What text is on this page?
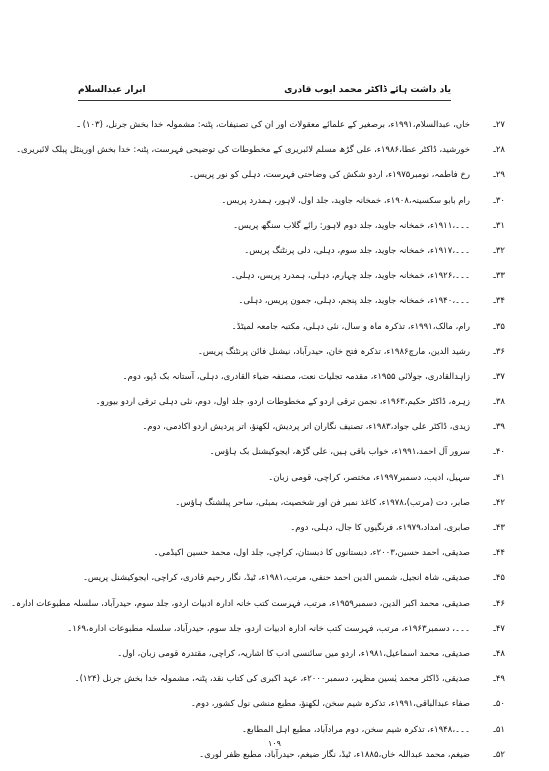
یاد داشت ہائے ڈاکٹر محمد ایوب قادری
ابرار عبدالسلام
۲۷ـ
خاں، عبدالسلام،۱۹۹۱ء، برصغیر کے علمائے معقولات اور ان کی تصنیفات، پٹنہ: مشمولہ خدا بخش جرنل، (۱۰۳) ـ
۲۸ـ
خورشید، ڈاکٹر عطا،۱۹۸۶ء، علی گڑھ مسلم لائبریری کے مخطوطات کی توضیحی فہرست، پٹنہ: خدا بخش اورینٹل پبلک لائبریری۔
۲۹ـ
رخ فاطمہ، نومبر۱۹۷۵ء، اردو شکش کی وضاحتی فہرست، دہلی کو نور پریس۔
۳۰ـ
رام بابو سکسینہ،۱۹۰۸ء، خمخانہ جاوید، جلد اول، لاہور، ہمدرد پریس۔
۳۱ـ
۔۔۔،۱۹۱۱ء، خمخانہ جاوید، جلد دوم لاہور: رائے گلاب سنگھ پریس۔
۳۲ـ
۔۔۔،۱۹۱۷ء، خمخانہ جاوید، جلد سوم، دہلی، دلی پرنٹنگ پریس۔
۳۳ـ
۔۔۔،۱۹۲۶ء، خمخانہ جاوید، جلد چہارم، دہلی، ہمدرد پریس، دہلی۔
۳۴ـ
۔۔۔،۱۹۴۰ء، خمخانہ جاوید، جلد پنجم، دہلی، جمون پریس، دہلی۔
۳۵ـ
رام، مالک،۱۹۹۱ء، تذکرہ ماہ و سال، نئی دہلی، مکتبہ جامعہ لمیٹڈ۔
۳۶ـ
رشید الدین، مارچ۱۹۸۶ء، تذکرہ فتح خان، حیدرآباد، نیشنل فائن پرنٹنگ پریس۔
۳۷ـ
زاہدالقادری، جولائی ۱۹۵۵ء، مقدمہ تجلیات نعت، مصنفہ ضیاء القادری، دہلی، آستانہ بک ڈپو، دوم۔
۳۸ـ
زہرہ، ڈاکٹر حکیم،۱۹۶۳ء، نجمن ترقی اردو کے مخطوطات اردو، جلد اول، دوم، نئی دہلی ترقی اردو بیورو۔
۳۹ـ
زیدی، ڈاکٹر علی جواد،۱۹۸۳ء، تصنیف نگاران اتر پردیش، لکھنؤ، اتر پردیش اردو اکادمی، دوم۔
۴۰ـ
سرور آل احمد،۱۹۹۱ء، خواب باقی ہیں، علی گڑھ، ایجوکیشنل بک ہاؤس۔
۴۱ـ
سہیل، ادیب، دسمبر۱۹۹۷ء، مختصر، کراچی، قومی زبان۔
۴۲ـ
صابر، دت (مرتب)،۱۹۷۸ء، کاغذ نمبر فن اور شخصیت، بمبئی، ساحر پبلشنگ ہاؤس۔
۴۳ـ
صابری، امداد،۱۹۷۹ء، فرنگیوں کا جال، دہلی، دوم۔
۴۴ـ
صدیقی، احمد حسین،۲۰۰۳ء، دبستانوں کا دبستان، کراچی، جلد اول، محمد حسین اکیڈمی۔
۴۵ـ
صدیقی، شاہ انجیل، شمس الدین احمد حنفی، مرتب،۱۹۸۱ء، ٹیڈ، نگار رحیم قادری، کراچی، ایجوکیشنل پریس۔
۴۶ـ
صدیقی، محمد اکبر الدین، دسمبر۱۹۵۹ء، مرتب، فہرست کتب خانہ ادارہ ادبیات اردو، جلد سوم، حیدرآباد، سلسلہ مطبوعات ادارہ۔
۴۷ـ
۔۔۔، دسمبر۱۹۶۳ء، مرتب، فہرست کتب خانہ ادارہ ادبیات اردو، جلد سوم، حیدرآباد، سلسلہ مطبوعات ادارہ،۱۶۹۔
۴۸ـ
صدیقی، محمد اسماعیل،۱۹۸۱ء، اردو میں سائنسی ادب کا اشاریہ، کراچی، مقتدرہ قومی زبان، اول۔
۴۹ـ
صدیقی، ڈاکٹر محمد یٰسین مظہر، دسمبر۲۰۰۰ء، عہد اکبری کی کتاب نقد، پٹنہ، مشمولہ خدا بخش جرنل (۱۲۴)۔
۵۰ـ
صفاء عبدالباقی،۱۹۹۱ء، تذکرہ شیم سخن، لکھنؤ، مطبع منشی نول کشور، دوم۔
۵۱ـ
۔۔۔،۱۹۴۸ء، تذکرہ شیم سخن، دوم مرادآباد، مطبع اہل المطابع۔
۵۲ـ
ضیغم، محمد عبداللہ خاں،۱۸۸۵ء، ٹیڈ، نگار ضیغم، حیدرآباد، مطبع ظفر لوری۔
۱۰۹
